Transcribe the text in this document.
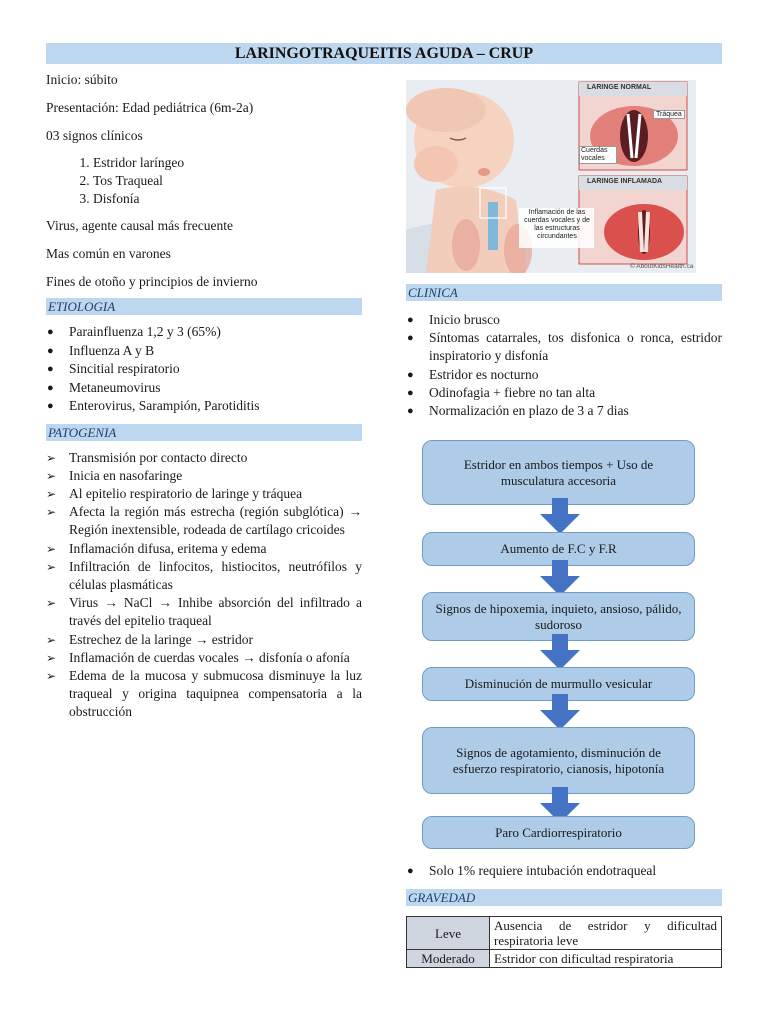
LARINGOTRAQUEITIS AGUDA – CRUP

Inicio: súbito

Presentación: Edad pediátrica (6m-2a)

03 signos clínicos

1. Estridor laríngeo
2. Tos Traqueal
3. Disfonía

Virus, agente causal más frecuente

Mas común en varones

Fines de otoño y principios de invierno

ETIOLOGIA
● Parainfluenza 1,2 y 3 (65%)
● Influenza A y B
● Sincitial respiratorio
● Metaneumovirus
● Enterovirus, Sarampión, Parotiditis
PATOGENIA
➢ Transmisión por contacto directo
➢ Inicia en nasofaringe
➢ Al epitelio respiratorio de laringe y tráquea
➢ Afecta la región más estrecha (región subglótica) → Región inextensible, rodeada de cartílago cricoides
➢ Inflamación difusa, eritema y edema
➢ Infiltración de linfocitos, histiocitos, neutrófilos y células plasmáticas
➢ Virus → NaCl → Inhibe absorción del infiltrado a través del epitelio traqueal
➢ Estrechez de la laringe → estridor
➢ Inflamación de cuerdas vocales → disfonía o afonía
➢ Edema de la mucosa y submucosa disminuye la luz traqueal y origina taquipnea compensatoria a la obstrucción
LARINGE NORMAL
Tráquea
Cuerdas vocales
LARINGE INFLAMADA
Inflamación de las cuerdas vocales y de las estructuras circundantes
© AboutKidsHealth.ca
CLINICA
● Inicio brusco
● Síntomas catarrales, tos disfonica o ronca, estridor inspiratorio y disfonía
● Estridor es nocturno
● Odinofagia + fiebre no tan alta
● Normalización en plazo de 3 a 7 dias
Estridor en ambos tiempos + Uso de musculatura accesoria
Aumento de F.C y F.R
Signos de hipoxemia, inquieto, ansioso, pálido, sudoroso
Disminución de murmullo vesicular
Signos de agotamiento, disminución de esfuerzo respiratorio, cianosis, hipotonía
Paro Cardiorrespiratorio
● Solo 1% requiere intubación endotraqueal
GRAVEDAD
Leve	Ausencia de estridor y dificultad respiratoria leve
Moderado	Estridor con dificultad respiratoria
